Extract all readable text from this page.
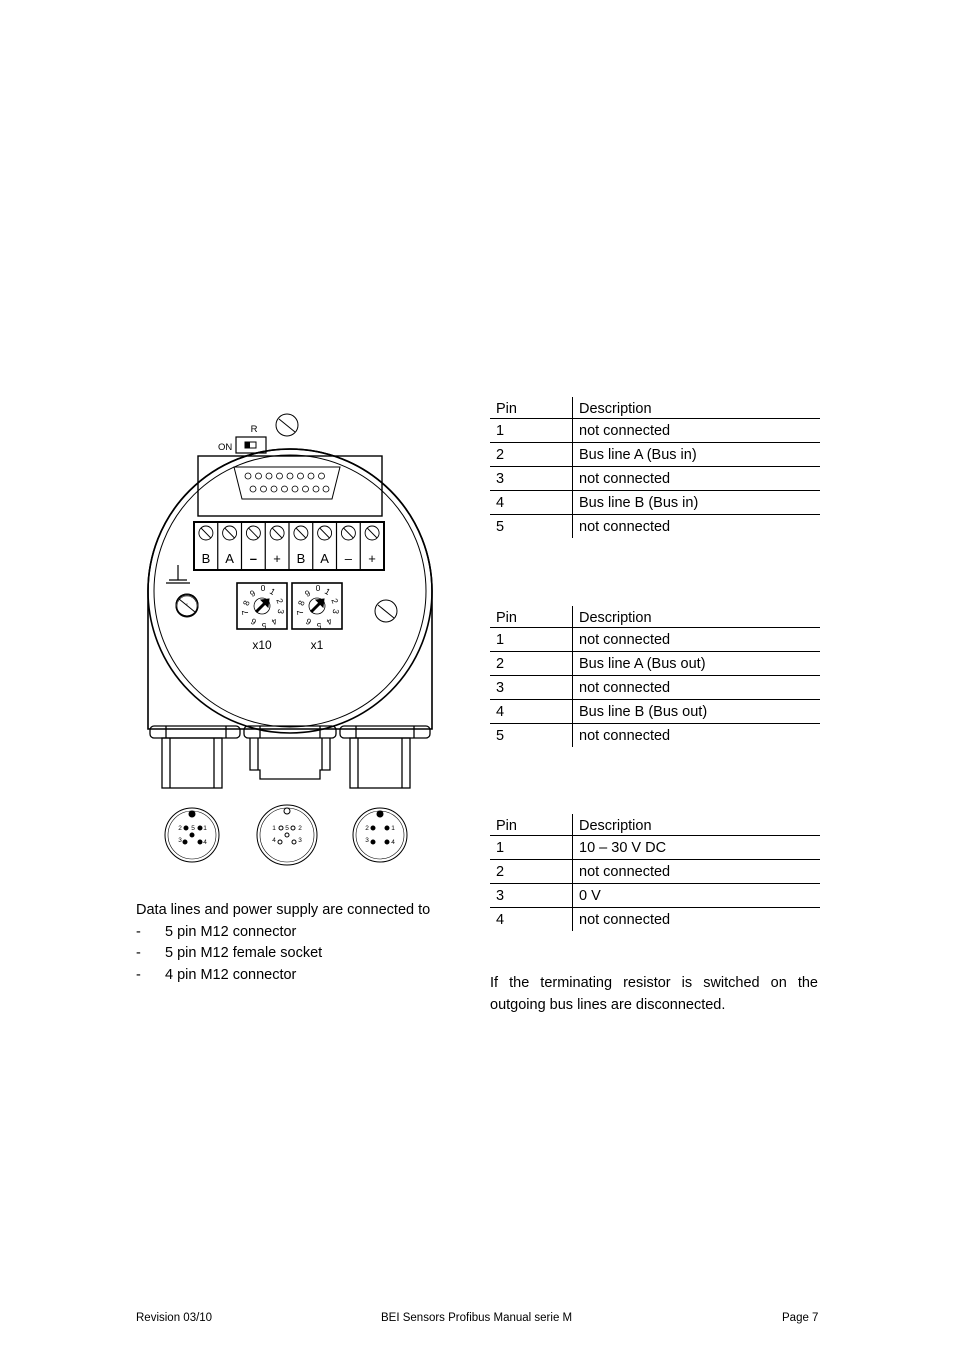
R
ON
B A – + B A – +
0 1
2
3
4
5
6
7
8
9	0 1
2
3
4
5
6
7
8
9
x10	x1
2 5 1
3	4
1 5 2
4	3
2	1
3	4
Pin	Description
1	not connected
2	Bus line A (Bus in)
3	not connected
4	Bus line B (Bus in)
5	not connected
Pin	Description
1	not connected
2	Bus line A (Bus out)
3	not connected
4	Bus line B (Bus out)
5	not connected
Pin	Description
1	10 – 30 V DC
2	not connected
3	0 V
4	not connected

Data lines and power supply are connected to

-	5 pin M12 connector
-	5 pin M12 female socket
-	4 pin M12 connector

If the terminating resistor is switched on the outgoing bus lines are disconnected.

Revision 03/10	BEI Sensors Profibus Manual serie M	Page 7
